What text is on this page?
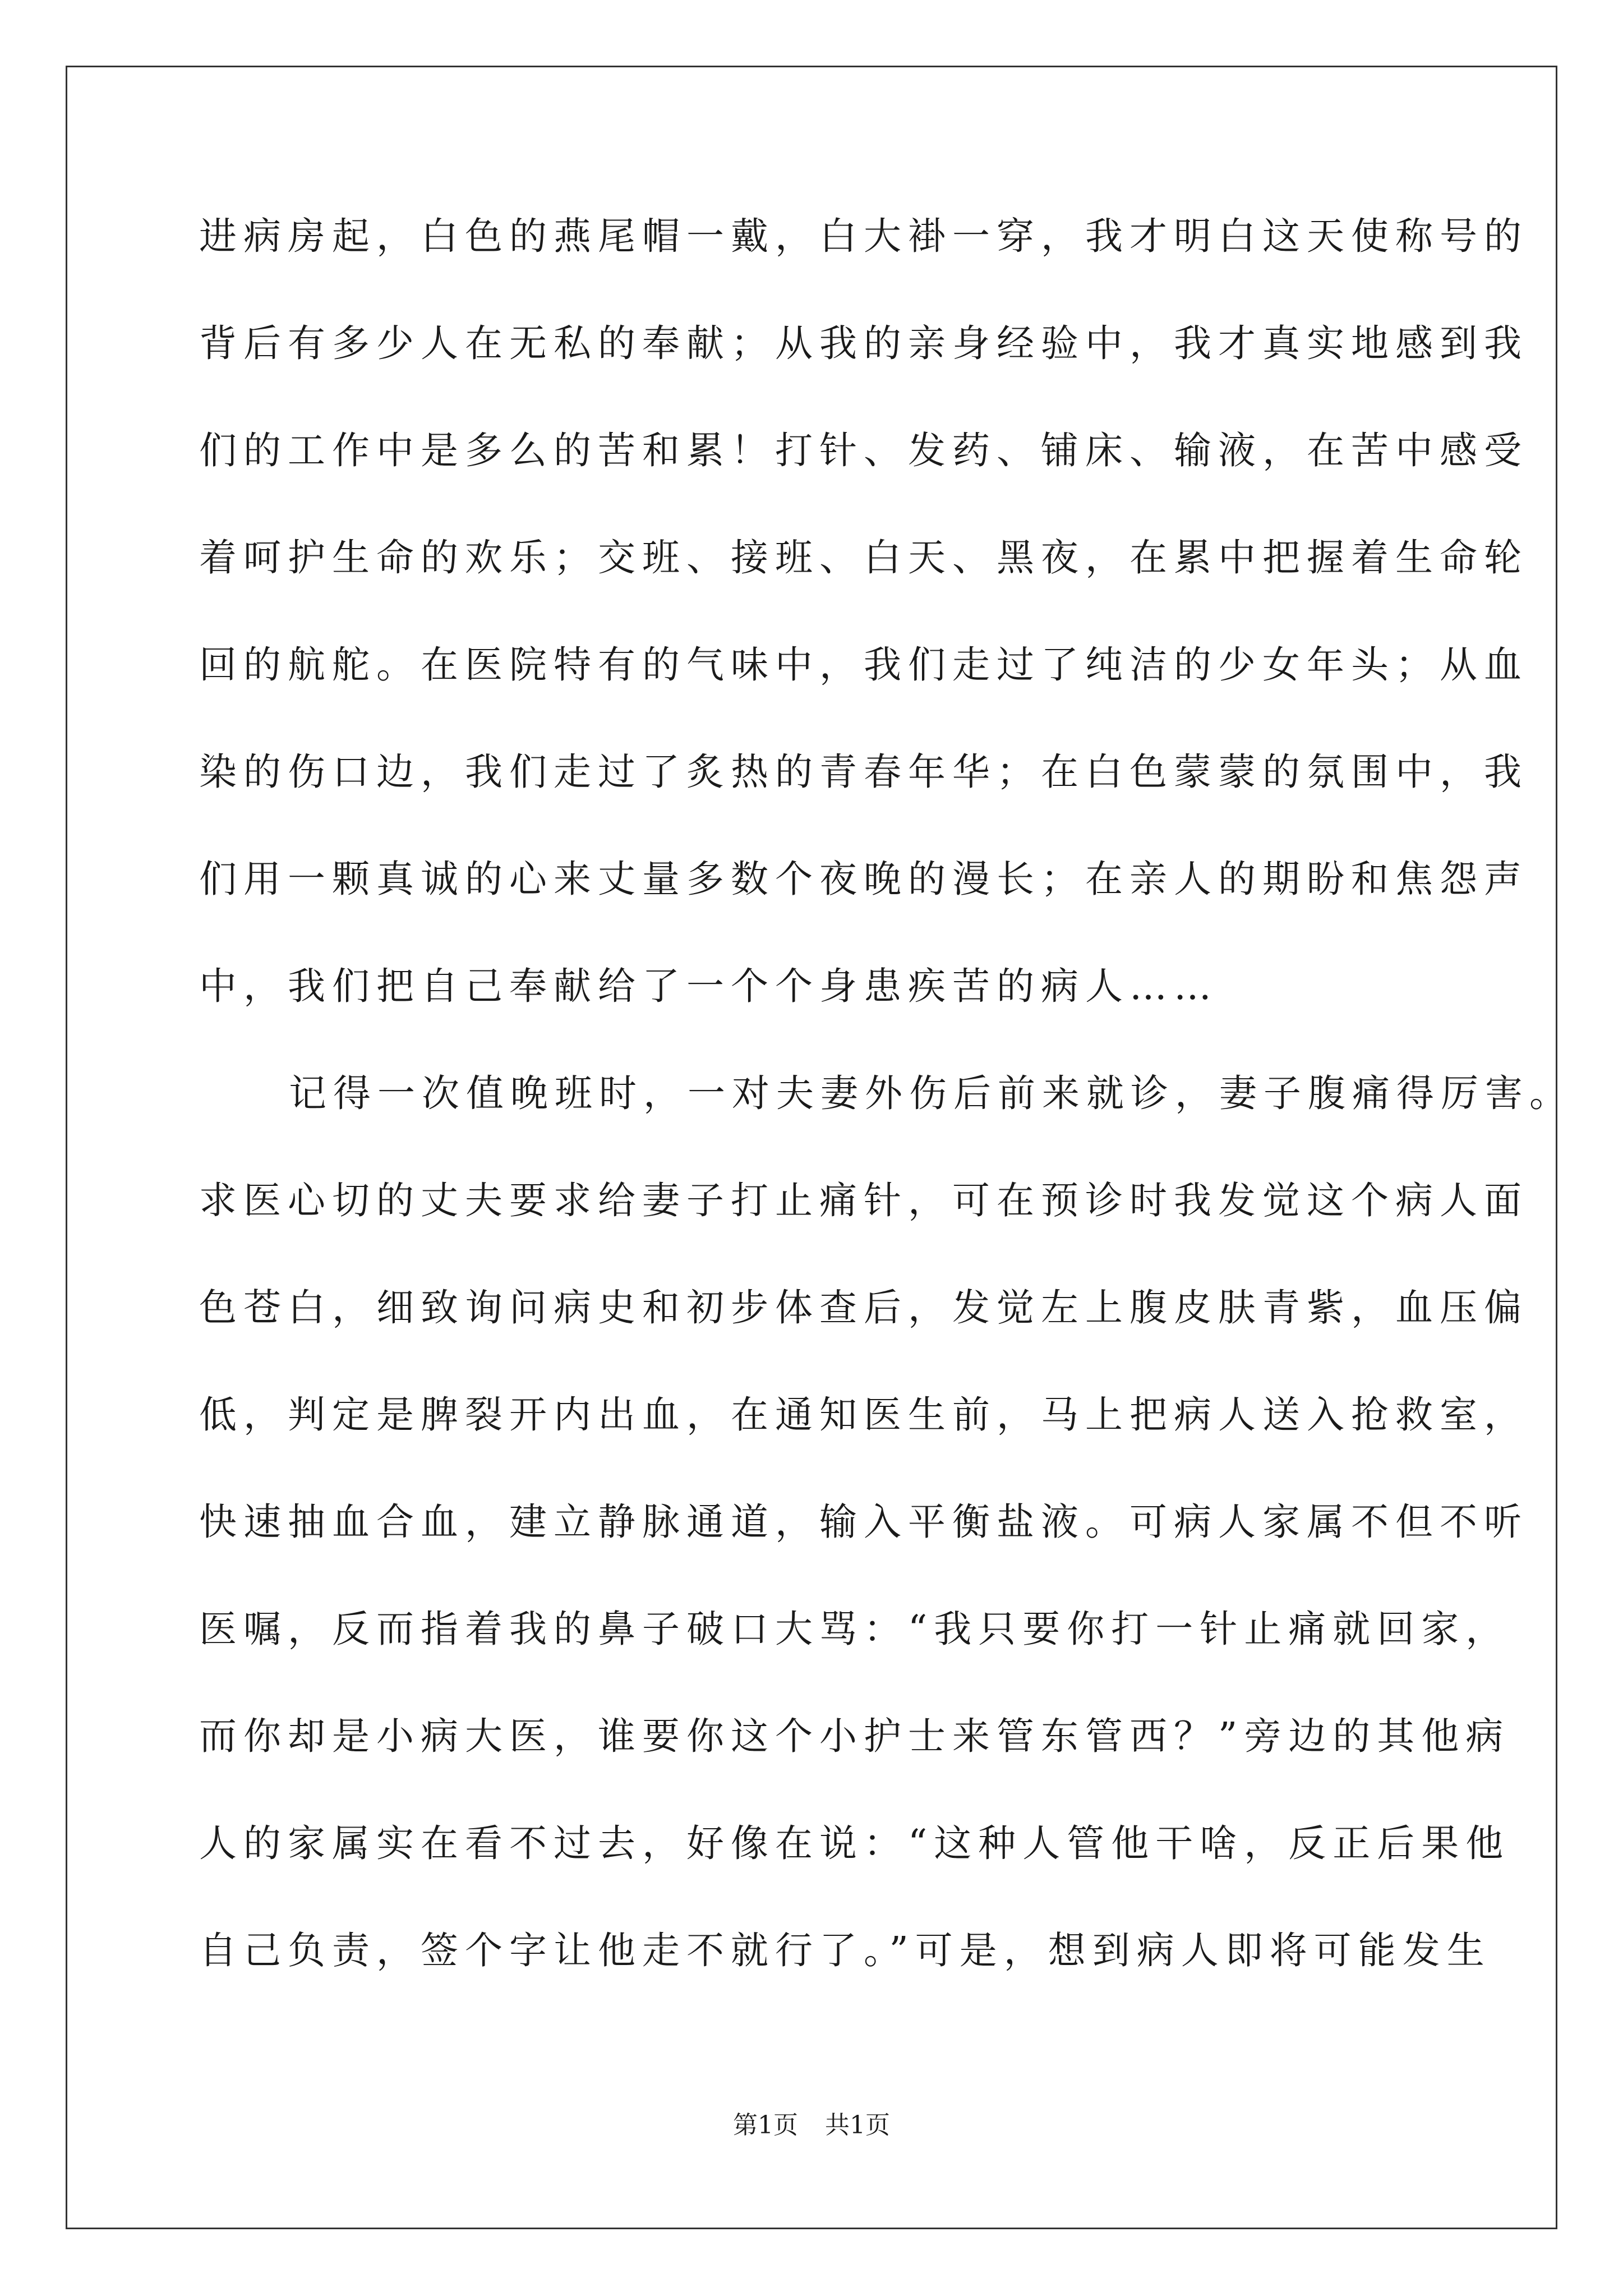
进病房起，白色的燕尾帽一戴，白大褂一穿，我才明白这天使称号的
背后有多少人在无私的奉献；从我的亲身经验中，我才真实地感到我
们的工作中是多么的苦和累！打针、发药、铺床、输液，在苦中感受
着呵护生命的欢乐；交班、接班、白天、黑夜，在累中把握着生命轮
回的航舵。在医院特有的气味中，我们走过了纯洁的少女年头；从血
染的伤口边，我们走过了炙热的青春年华；在白色蒙蒙的氛围中，我
们用一颗真诚的心来丈量多数个夜晚的漫长；在亲人的期盼和焦怨声
中，我们把自己奉献给了一个个身患疾苦的病人……
记得一次值晚班时，一对夫妻外伤后前来就诊，妻子腹痛得厉害。
求医心切的丈夫要求给妻子打止痛针，可在预诊时我发觉这个病人面
色苍白，细致询问病史和初步体查后，发觉左上腹皮肤青紫，血压偏
低，判定是脾裂开内出血，在通知医生前，马上把病人送入抢救室，
快速抽血合血，建立静脉通道，输入平衡盐液。可病人家属不但不听
医嘱，反而指着我的鼻子破口大骂：“我只要你打一针止痛就回家，
而你却是小病大医，谁要你这个小护士来管东管西？”旁边的其他病
人的家属实在看不过去，好像在说：“这种人管他干啥，反正后果他
自己负责，签个字让他走不就行了。”可是，想到病人即将可能发生
第1页 共1页
